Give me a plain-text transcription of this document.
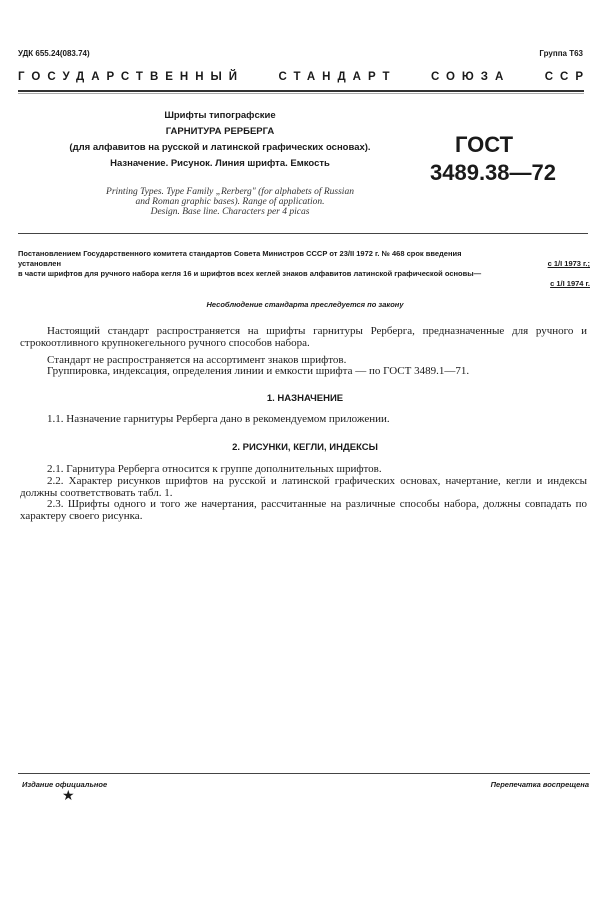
УДК 655.24(083.74)	Группа Т63
ГОСУДАРСТВЕННЫЙ	СТАНДАРТ	СОЮЗА	ССР
Шрифты типографские
ГАРНИТУРА РЕРБЕРГА
(для алфавитов на русской и латинской графических основах).
Назначение. Рисунок. Линия шрифта. Емкость
Printing Types. Type Family „Rerberg" (for alphabets of Russian
and Roman graphic bases). Range of application.
Design. Base line. Characters per 4 picas
ГОСТ
3489.38—72
Постановлением Государственного комитета стандартов Совета Министров СССР от 23/II 1972 г. № 468 срок введения
установлен	с 1/I 1973 г.;
в части шрифтов для ручного набора кегля 16 и шрифтов всех кеглей знаков алфавитов латинской графической основы—
с 1/I 1974 г.
Несоблюдение стандарта преследуется по закону
Настоящий стандарт распространяется на шрифты гарнитуры Рерберга, предназначенные для ручного и строкоотливного крупнокегельного ручного способов набора.
Стандарт не распространяется на ассортимент знаков шрифтов.
Группировка, индексация, определения линии и емкости шрифта — по ГОСТ 3489.1—71.
1. НАЗНАЧЕНИЕ
1.1. Назначение гарнитуры Рерберга дано в рекомендуемом приложении.
2. РИСУНКИ, КЕГЛИ, ИНДЕКСЫ
2.1. Гарнитура Рерберга относится к группе дополнительных шрифтов.
2.2. Характер рисунков шрифтов на русской и латинской графических основах, начертание, кегли и индексы должны соответствовать табл. 1.
2.3. Шрифты одного и того же начертания, рассчитанные на различные способы набора, должны совпадать по характеру своего рисунка.
Издание официальное	Перепечатка воспрещена
★
